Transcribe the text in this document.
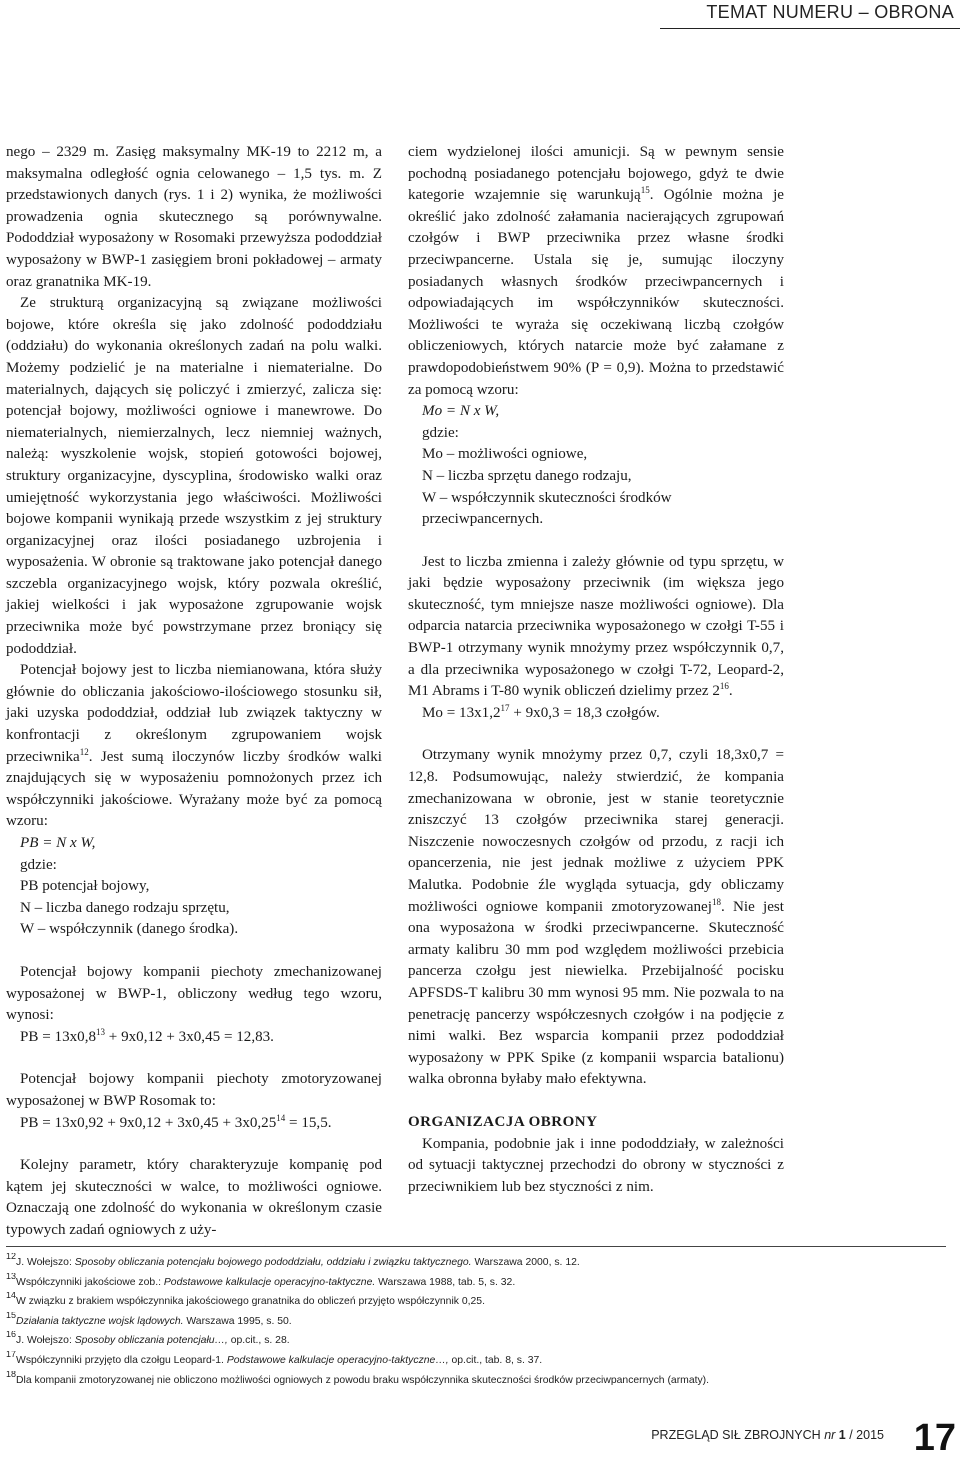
TEMAT NUMERU – OBRONA

nego – 2329 m. Zasięg maksymalny MK-19 to 2212 m, a maksymalna odległość ognia celowanego – 1,5 tys. m. Z przedstawionych danych (rys. 1 i 2) wynika, że możliwości prowadzenia ognia skutecznego są porównywalne. Pododdział wyposażony w Rosomaki przewyższa pododdział wyposażony w BWP-1 zasięgiem broni pokładowej – armaty oraz granatnika MK-19.

Ze strukturą organizacyjną są związane możliwości bojowe, które określa się jako zdolność pododdziału (oddziału) do wykonania określonych zadań na polu walki. Możemy podzielić je na materialne i niematerialne. Do materialnych, dających się policzyć i zmierzyć, zalicza się: potencjał bojowy, możliwości ogniowe i manewrowe. Do niematerialnych, niemierzalnych, lecz niemniej ważnych, należą: wyszkolenie wojsk, stopień gotowości bojowej, struktury organizacyjne, dyscyplina, środowisko walki oraz umiejętność wykorzystania jego właściwości. Możliwości bojowe kompanii wynikają przede wszystkim z jej struktury organizacyjnej oraz ilości posiadanego uzbrojenia i wyposażenia. W obronie są traktowane jako potencjał danego szczebla organizacyjnego wojsk, który pozwala określić, jakiej wielkości i jak wyposażone zgrupowanie wojsk przeciwnika może być powstrzymane przez broniący się pododdział.

Potencjał bojowy jest to liczba niemianowana, która służy głównie do obliczania jakościowo-ilościowego stosunku sił, jaki uzyska pododdział, oddział lub związek taktyczny w konfrontacji z określonym zgrupowaniem wojsk przeciwnika$^{12}$. Jest sumą iloczynów liczby środków walki znajdujących się w wyposażeniu pomnożonych przez ich współczynniki jakościowe. Wyrażany może być za pomocą wzoru:

PB = N x W,

gdzie:

PB potencjał bojowy,

N – liczba danego rodzaju sprzętu,

W – współczynnik (danego środka).

Potencjał bojowy kompanii piechoty zmechanizowanej wyposażonej w BWP-1, obliczony według tego wzoru, wynosi:

PB = $13x0,8^{13} + 9x0,12 + 3x0,45 = 12,83$.

Potencjał bojowy kompanii piechoty zmotoryzowanej wyposażonej w BWP Rosomak to:

PB = $13x0,92 + 9x0,12 + 3x0,45 + 3x0,25^{14} = 15,5$.

Kolejny parametr, który charakteryzuje kompanię pod kątem jej skuteczności w walce, to możliwości ogniowe. Oznaczają one zdolność do wykonania w określonym czasie typowych zadań ogniowych z uży-

ciem wydzielonej ilości amunicji. Są w pewnym sensie pochodną posiadanego potencjału bojowego, gdyż te dwie kategorie wzajemnie się warunkują$^{15}$. Ogólnie można je określić jako zdolność załamania nacierających zgrupowań czołgów i BWP przeciwnika przez własne środki przeciwpancerne. Ustala się je, sumując iloczyny posiadanych własnych środków przeciwpancernych i odpowiadających im współczynników skuteczności. Możliwości te wyraża się oczekiwaną liczbą czołgów obliczeniowych, których natarcie może być załamane z prawdopodobieństwem 90% (P = 0,9). Można to przedstawić za pomocą wzoru:

Mo = N x W,

gdzie:

Mo – możliwości ogniowe,

N – liczba sprzętu danego rodzaju,

W – współczynnik skuteczności środków przeciwpancernych.

Jest to liczba zmienna i zależy głównie od typu sprzętu, w jaki będzie wyposażony przeciwnik (im większa jego skuteczność, tym mniejsze nasze możliwości ogniowe). Dla odparcia natarcia przeciwnika wyposażonego w czołgi T-55 i BWP-1 otrzymany wynik mnożymy przez współczynnik 0,7, a dla przeciwnika wyposażonego w czołgi T-72, Leopard-2, M1 Abrams i T-80 wynik obliczeń dzielimy przez $2^{16}$.

$Mo = 13x1,2^{17} + 9x0,3 = 18,3$ czołgów.

Otrzymany wynik mnożymy przez 0,7, czyli 18,3x0,7 = 12,8. Podsumowując, należy stwierdzić, że kompania zmechanizowana w obronie, jest w stanie teoretycznie zniszczyć 13 czołgów przeciwnika starej generacji. Niszczenie nowoczesnych czołgów od przodu, z racji ich opancerzenia, nie jest jednak możliwe z użyciem PPK Malutka. Podobnie źle wygląda sytuacja, gdy obliczamy możliwości ogniowe kompanii zmotoryzowanej$^{18}$. Nie jest ona wyposażona w środki przeciwpancerne. Skuteczność armaty kalibru 30 mm pod względem możliwości przebicia pancerza czołgu jest niewielka. Przebijalność pocisku APFSDS-T kalibru 30 mm wynosi 95 mm. Nie pozwala to na penetrację pancerzy współczesnych czołgów i na podjęcie z nimi walki. Bez wsparcia kompanii przez pododdział wyposażony w PPK Spike (z kompanii wsparcia batalionu) walka obronna byłaby mało efektywna.

ORGANIZACJA OBRONY

Kompania, podobnie jak i inne pododdziały, w zależności od sytuacji taktycznej przechodzi do obrony w styczności z przeciwnikiem lub bez styczności z nim.

$^{12}$J. Wołejszo: Sposoby obliczania potencjału bojowego pododdziału, oddziału i związku taktycznego. Warszawa 2000, s. 12.
$^{13}$Współczynniki jakościowe zob.: Podstawowe kalkulacje operacyjno-taktyczne. Warszawa 1988, tab. 5, s. 32.
$^{14}$W związku z brakiem współczynnika jakościowego granatnika do obliczeń przyjęto współczynnik 0,25.
$^{15}$Działania taktyczne wojsk lądowych. Warszawa 1995, s. 50.
$^{16}$J. Wołejszo: Sposoby obliczania potencjału…, op.cit., s. 28.
$^{17}$Współczynniki przyjęto dla czołgu Leopard-1. Podstawowe kalkulacje operacyjno-taktyczne…, op.cit., tab. 8, s. 37.
$^{18}$Dla kompanii zmotoryzowanej nie obliczono możliwości ogniowych z powodu braku współczynnika skuteczności środków przeciwpancernych (armaty).
PRZEGLĄD SIŁ ZBROJNYCH nr 1 / 2015 17
